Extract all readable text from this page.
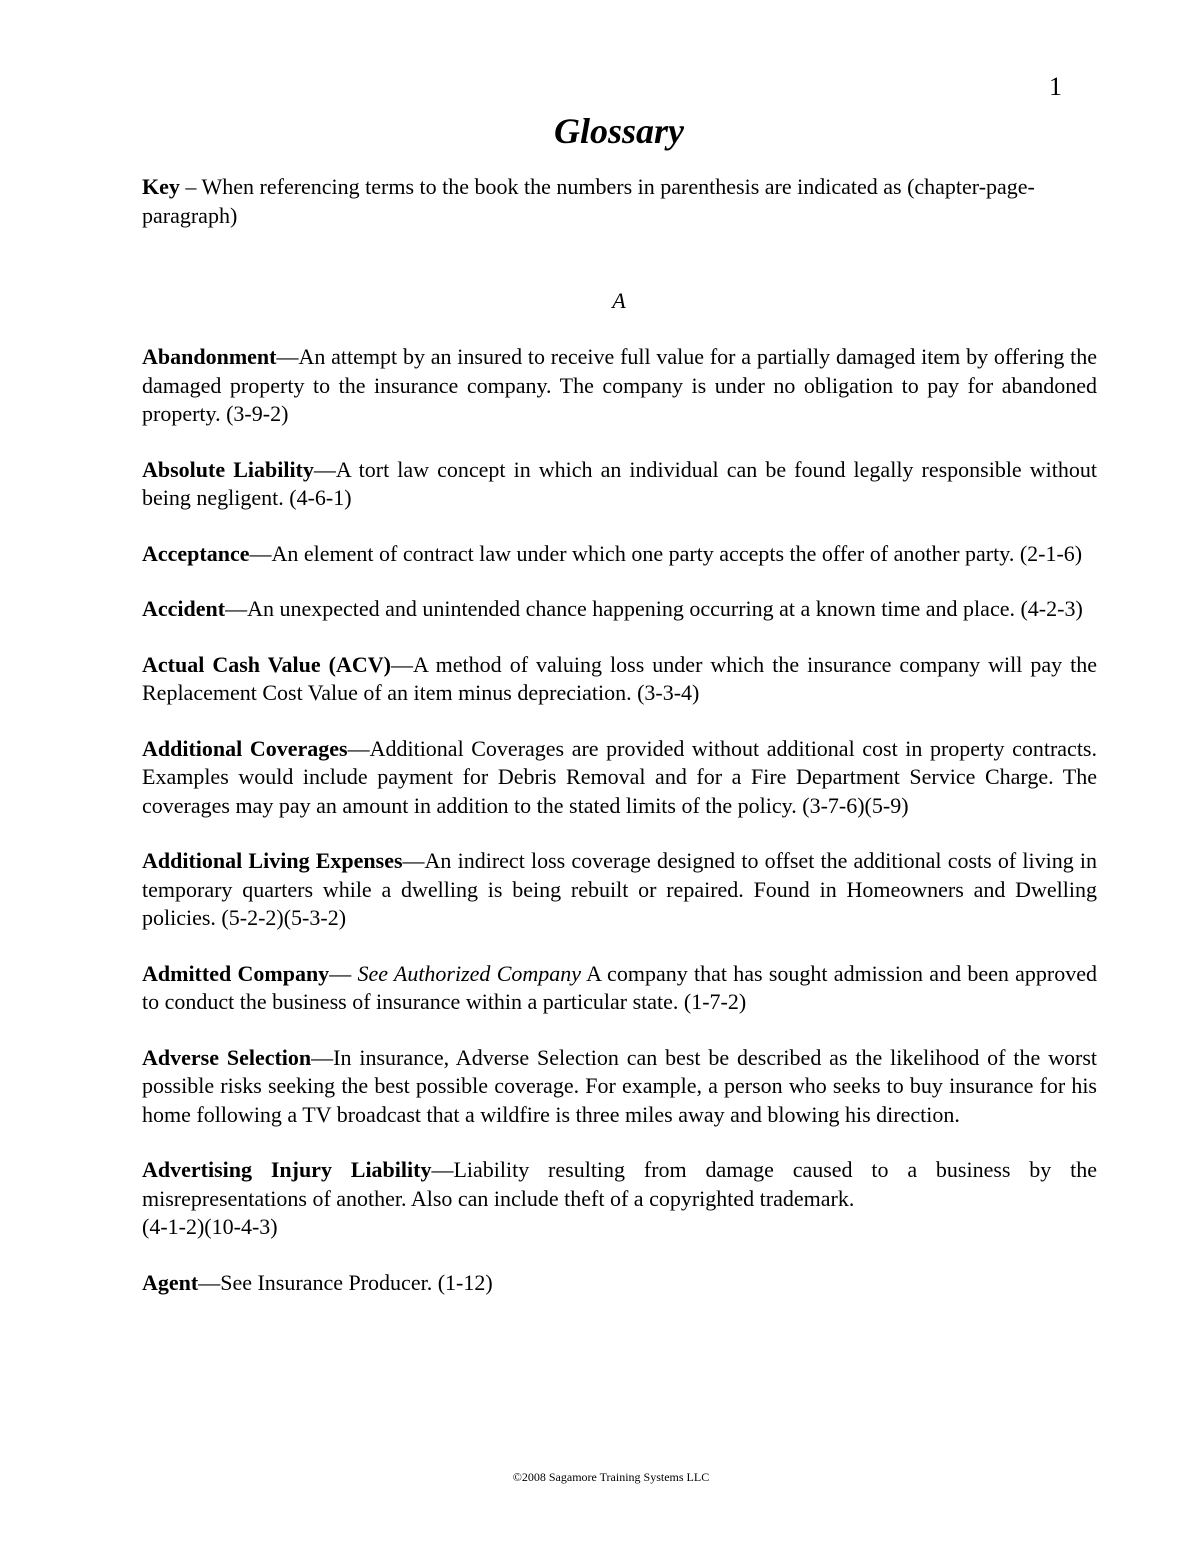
1
Glossary

Key – When referencing terms to the book the numbers in parenthesis are indicated as (chapter-page-paragraph)

A

Abandonment—An attempt by an insured to receive full value for a partially damaged item by offering the damaged property to the insurance company. The company is under no obligation to pay for abandoned property. (3-9-2)

Absolute Liability—A tort law concept in which an individual can be found legally responsible without being negligent. (4-6-1)

Acceptance—An element of contract law under which one party accepts the offer of another party. (2-1-6)

Accident—An unexpected and unintended chance happening occurring at a known time and place. (4-2-3)

Actual Cash Value (ACV)—A method of valuing loss under which the insurance company will pay the Replacement Cost Value of an item minus depreciation. (3-3-4)

Additional Coverages—Additional Coverages are provided without additional cost in property contracts. Examples would include payment for Debris Removal and for a Fire Department Service Charge. The coverages may pay an amount in addition to the stated limits of the policy. (3-7-6)(5-9)

Additional Living Expenses—An indirect loss coverage designed to offset the additional costs of living in temporary quarters while a dwelling is being rebuilt or repaired. Found in Homeowners and Dwelling policies. (5-2-2)(5-3-2)

Admitted Company— See Authorized Company A company that has sought admission and been approved to conduct the business of insurance within a particular state. (1-7-2)

Adverse Selection—In insurance, Adverse Selection can best be described as the likelihood of the worst possible risks seeking the best possible coverage. For example, a person who seeks to buy insurance for his home following a TV broadcast that a wildfire is three miles away and blowing his direction.

Advertising Injury Liability—Liability resulting from damage caused to a business by the misrepresentations of another. Also can include theft of a copyrighted trademark.
(4-1-2)(10-4-3)

Agent—See Insurance Producer. (1-12)

©2008 Sagamore Training Systems LLC
